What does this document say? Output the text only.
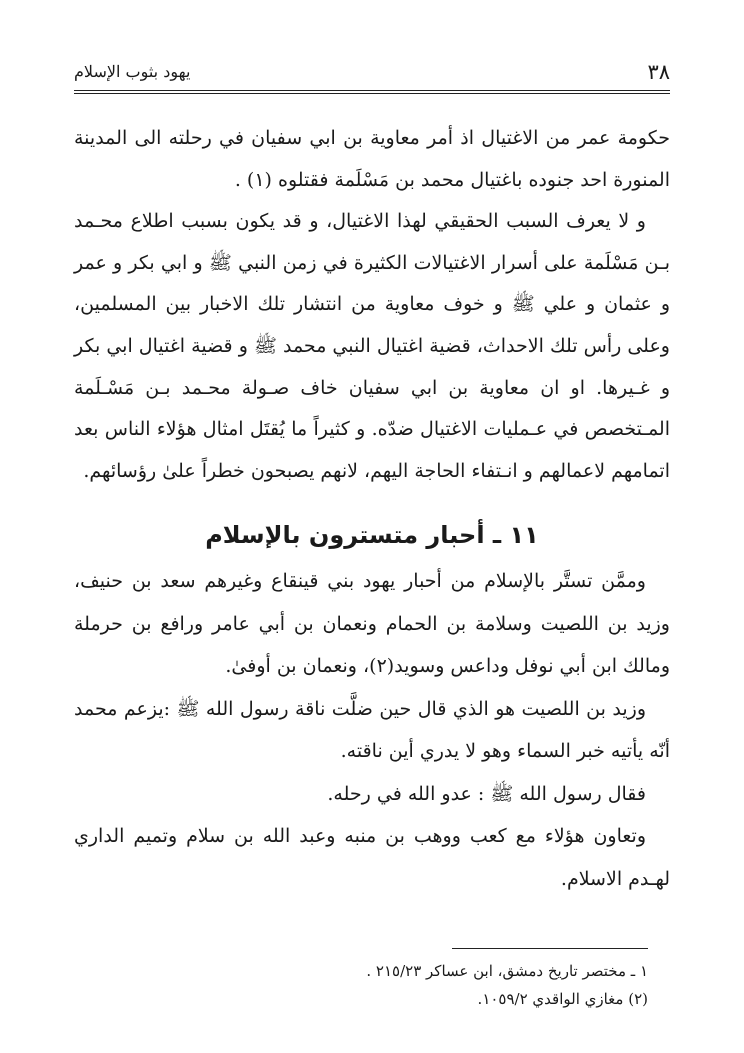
٣٨
يهود بثوب الإسلام

حكومة عمر من الاغتيال اذ أمر معاوية بن ابي سفيان في رحلته الى المدينة المنورة احد جنوده باغتيال محمد بن مَسْلَمة فقتلوه (١) .

و لا يعرف السبب الحقيقي لهذا الاغتيال، و قد يكون بسبب اطلاع محـمد بـن مَسْلَمة على أسرار الاغتيالات الكثيرة في زمن النبي ﷺ و ابي بكر و عمر و عثمان و علي ﷺ و خوف معاوية من انتشار تلك الاخبار بين المسلمين، وعلى رأس تلك الاحداث، قضية اغتيال النبي محمد ﷺ و قضية اغتيال ابي بكر و غـيرها. او ان معاوية بن ابي سفيان خاف صـولة محـمد بـن مَسْـلَمة المـتخصص في عـمليات الاغتيال ضدّه. و كثيراً ما يُقتَل امثال هؤلاء الناس بعد اتمامهم لاعمالهم و انـتفاء الحاجة اليهم، لانهم يصبحون خطراً علىٰ رؤسائهم.

١١ ـ أحبار متسترون بالإسلام

وممَّن تستَّر بالإسلام من أحبار يهود بني قينقاع وغيرهم سعد بن حنيف، وزيد بن اللصيت وسلامة بن الحمام ونعمان بن أبي عامر ورافع بن حرملة ومالك ابن أبي نوفل وداعس وسويد(٢)، ونعمان بن أوفىٰ.

وزيد بن اللصيت هو الذي قال حين ضلَّت ناقة رسول الله ﷺ :يزعم محمد أنّه يأتيه خبر السماء وهو لا يدري أين ناقته.

فقال رسول الله ﷺ : عدو الله في رحله.

وتعاون هؤلاء مع كعب ووهب بن منبه وعبد الله بن سلام وتميم الداري لهـدم الاسلام.

١ ـ مختصر تاريخ دمشق، ابن عساكر ٢١٥/٢٣ .

(٢) مغازي الواقدي ١٠٥٩/٢.
